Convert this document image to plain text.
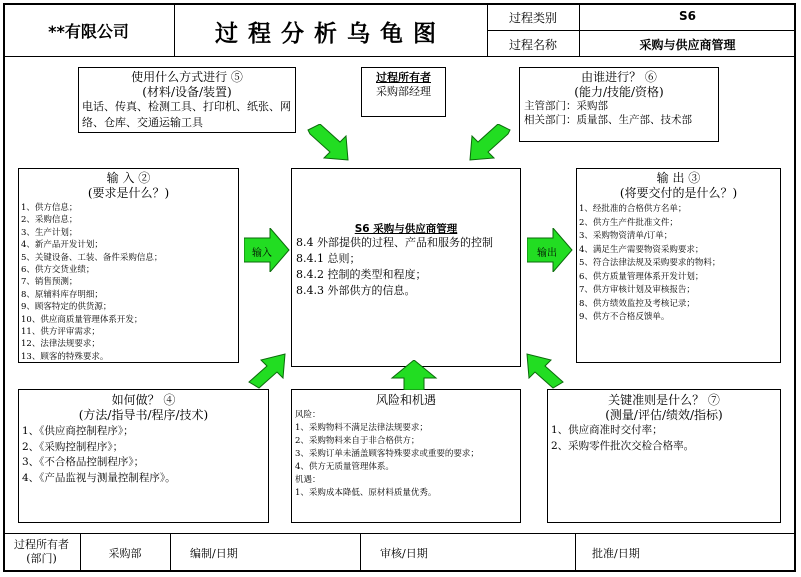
**有限公司	过程分析乌龟图
过程类别	S6
过程名称	采购与供应商管理
使用什么方式进行 ⑤
(材料/设备/装置)
电话、传真、检测工具、打印机、纸张、网络、仓库、交通运输工具
过程所有者
采购部经理
由谁进行？ ⑥
(能力/技能/资格)
主管部门：采购部
相关部门：质量部、生产部、技术部
输 入 ②
(要求是什么？)
1、供方信息；
2、采购信息；
3、生产计划；
4、新产品开发计划；
5、关键设备、工装、备件采购信息；
6、供方交货业绩；
7、销售预测；
8、原辅料库存明细；
9、顾客特定的供货源；
10、供应商质量管理体系开发；
11、供方评审需求；
12、法律法规要求；
13、顾客的特殊要求。
S6 采购与供应商管理
8.4 外部提供的过程、产品和服务的控制
8.4.1 总则；
8.4.2 控制的类型和程度；
8.4.3 外部供方的信息。
输 出 ③
(将要交付的是什么？)
1、经批准的合格供方名单；
2、供方生产件批准文件；
3、采购物资清单/订单；
4、满足生产需要物资采购要求；
5、符合法律法规及采购要求的物料；
6、供方质量管理体系开发计划；
7、供方审核计划及审核报告；
8、供方绩效监控及考核记录；
9、供方不合格反馈单。
如何做？ ④
(方法/指导书/程序/技术)
1、《供应商控制程序》；
2、《采购控制程序》；
3、《不合格品控制程序》；
4、《产品监视与测量控制程序》。
风险和机遇
风险：
1、采购物料不满足法律法规要求；
2、采购物料来自于非合格供方；
3、采购订单未涵盖顾客特殊要求或重要的要求；
4、供方无质量管理体系。
机遇：
1、采购成本降低、原材料质量优秀。
关键准则是什么？ ⑦
(测量/评估/绩效/指标)
1、供应商准时交付率；
2、采购零件批次交检合格率。
输入	输出
过程所有者
(部门)	采购部	编制/日期	审核/日期	批准/日期
